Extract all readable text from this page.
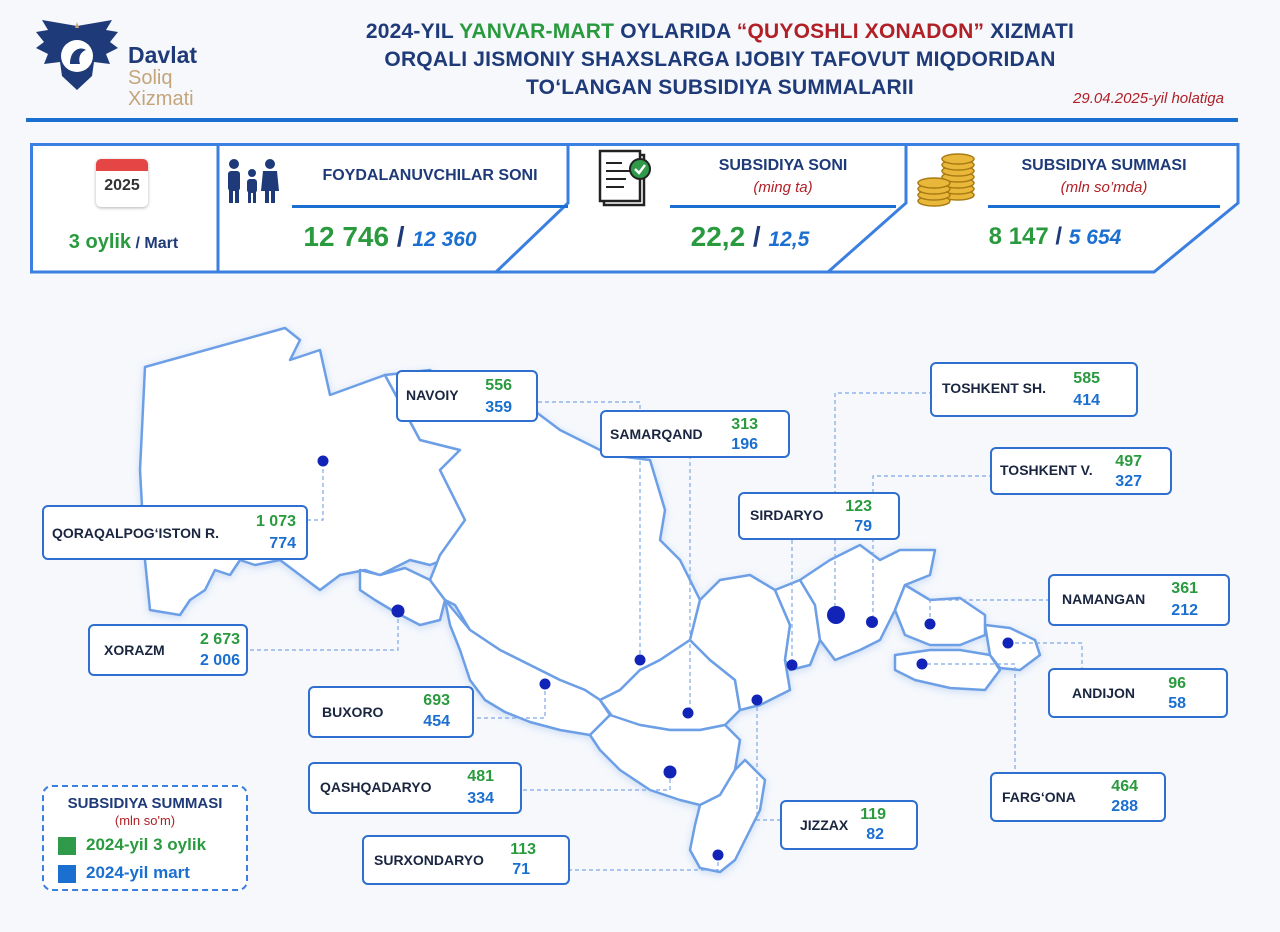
Davlat
Soliq
Xizmati
2024-YIL YANVAR-MART OYLARIDA “QUYOSHLI XONADON” XIZMATI
ORQALI JISMONIY SHAXSLARGA IJOBIY TAFOVUT MIQDORIDAN
TO‘LANGAN SUBSIDIYA SUMMALARII	29.04.2025-yil holatiga
2025
3 oylik / Mart
FOYDALANUVCHILAR SONI
12 746 / 12 360
SUBSIDIYA SONI
(ming ta)
22,2 / 12,5
SUBSIDIYA SUMMASI
(mln so’mda)
8 147 / 5 654
QORAQALPOG‘ISTON R.
1 073
774
NAVOIY
556
359
SAMARQAND
313
196
TOSHKENT SH.
585
414
TOSHKENT V. 497
327
SIRDARYO 123
79
NAMANGAN
361
212
ANDIJON
96
58
XORAZM
2 673
2 006
BUXORO
693
454
QASHQADARYO
481
334
SURXONDARYO
113
71
JIZZAX
119
82
FARG‘ONA
464
288
SUBSIDIYA SUMMASI
(mln so'm)
2024-yil 3 oylik
2024-yil mart
